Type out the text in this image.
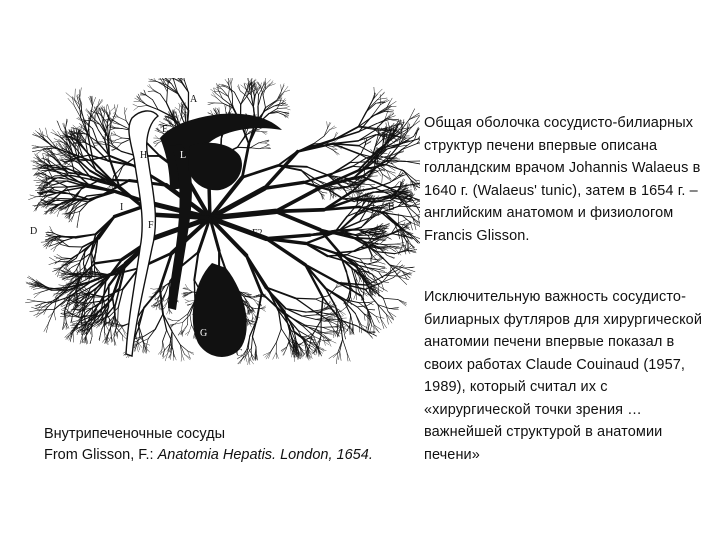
A
B
C
D
E
F
F2
G
H	L
I

Внутрипеченочные сосуды
From Glisson, F.: Anatomia Hepatis. London, 1654.

Общая оболочка сосудисто-билиарных структур печени впервые описана голландским врачом Johannis Walaeus в 1640 г. (Walaeus' tunic), затем в 1654 г. – английским анатомом и физиологом Francis Glisson.

Исключительную важность сосудисто-билиарных футляров для хирургической анатомии печени впервые показал в своих работах Claude Couinaud (1957, 1989), который считал их с «хирургической точки зрения … важнейшей структурой в анатомии печени»
